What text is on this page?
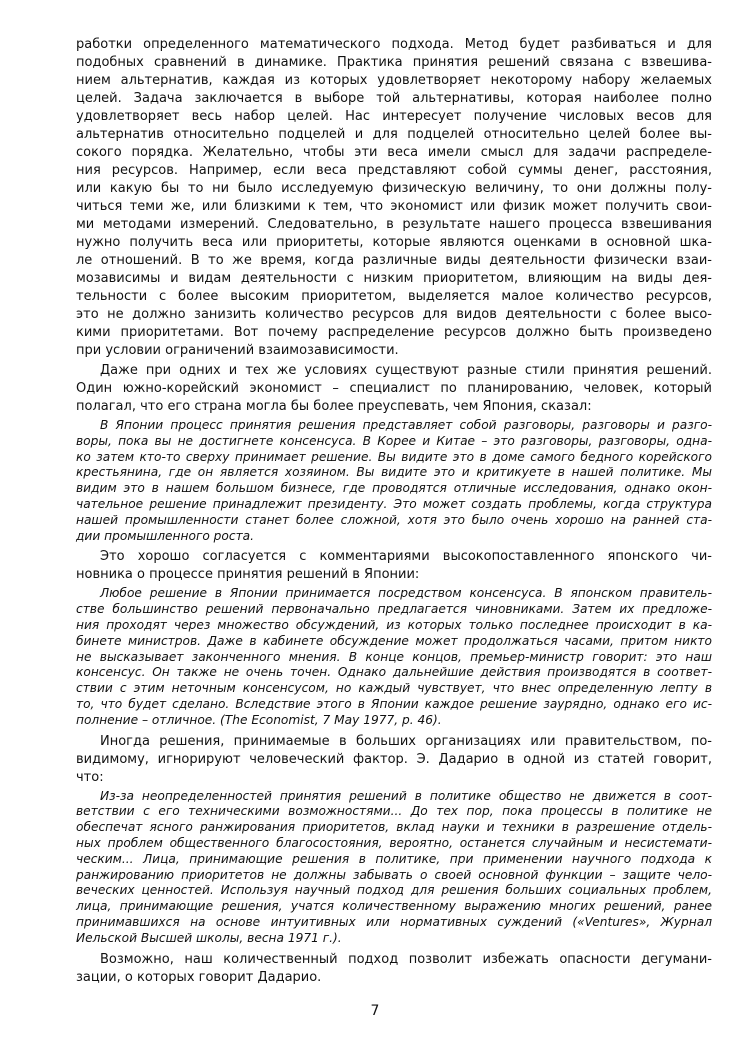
работки определенного математического подхода. Метод будет разбиваться и для
подобных сравнений в динамике. Практика принятия решений связана с взвешива-
нием альтернатив, каждая из которых удовлетворяет некоторому набору желаемых
целей. Задача заключается в выборе той альтернативы, которая наиболее полно
удовлетворяет весь набор целей. Нас интересует получение числовых весов для
альтернатив относительно подцелей и для подцелей относительно целей более вы-
сокого порядка. Желательно, чтобы эти веса имели смысл для задачи распределе-
ния ресурсов. Например, если веса представляют собой суммы денег, расстояния,
или какую бы то ни было исследуемую физическую величину, то они должны полу-
читься теми же, или близкими к тем, что экономист или физик может получить свои-
ми методами измерений. Следовательно, в результате нашего процесса взвешивания
нужно получить веса или приоритеты, которые являются оценками в основной шка-
ле отношений. В то же время, когда различные виды деятельности физически взаи-
мозависимы и видам деятельности с низким приоритетом, влияющим на виды дея-
тельности с более высоким приоритетом, выделяется малое количество ресурсов,
это не должно занизить количество ресурсов для видов деятельности с более высо-
кими приоритетами. Вот почему распределение ресурсов должно быть произведено
при условии ограничений взаимозависимости.
Даже при одних и тех же условиях существуют разные стили принятия решений.
Один южно-корейский экономист – специалист по планированию, человек, который
полагал, что его страна могла бы более преуспевать, чем Япония, сказал:
В Японии процесс принятия решения представляет собой разговоры, разговоры и разго-
воры, пока вы не достигнете консенсуса. В Корее и Китае – это разговоры, разговоры, одна-
ко затем кто-то сверху принимает решение. Вы видите это в доме самого бедного корейского
крестьянина, где он является хозяином. Вы видите это и критикуете в нашей политике. Мы
видим это в нашем большом бизнесе, где проводятся отличные исследования, однако окон-
чательное решение принадлежит президенту. Это может создать проблемы, когда структура
нашей промышленности станет более сложной, хотя это было очень хорошо на ранней ста-
дии промышленного роста.
Это хорошо согласуется с комментариями высокопоставленного японского чи-
новника о процессе принятия решений в Японии:
Любое решение в Японии принимается посредством консенсуса. В японском правитель-
стве большинство решений первоначально предлагается чиновниками. Затем их предложе-
ния проходят через множество обсуждений, из которых только последнее происходит в ка-
бинете министров. Даже в кабинете обсуждение может продолжаться часами, притом никто
не высказывает законченного мнения. В конце концов, премьер-министр говорит: это наш
консенсус. Он также не очень точен. Однако дальнейшие действия производятся в соответ-
ствии с этим неточным консенсусом, но каждый чувствует, что внес определенную лепту в
то, что будет сделано. Вследствие этого в Японии каждое решение заурядно, однако его ис-
полнение – отличное. (The Economist, 7 May 1977, p. 46).
Иногда решения, принимаемые в больших организациях или правительством, по-
видимому, игнорируют человеческий фактор. Э. Дадарио в одной из статей говорит,
что:
Из-за неопределенностей принятия решений в политике общество не движется в соот-
ветствии с его техническими возможностями... До тех пор, пока процессы в политике не
обеспечат ясного ранжирования приоритетов, вклад науки и техники в разрешение отдель-
ных проблем общественного благосостояния, вероятно, останется случайным и несистемати-
ческим... Лица, принимающие решения в политике, при применении научного подхода к
ранжированию приоритетов не должны забывать о своей основной функции – защите чело-
веческих ценностей. Используя научный подход для решения больших социальных проблем,
лица, принимающие решения, учатся количественному выражению многих решений, ранее
принимавшихся на основе интуитивных или нормативных суждений («Ventures», Журнал
Иельской Высшей школы, весна 1971 г.).
Возможно, наш количественный подход позволит избежать опасности дегумани-
зации, о которых говорит Дадарио.
7
